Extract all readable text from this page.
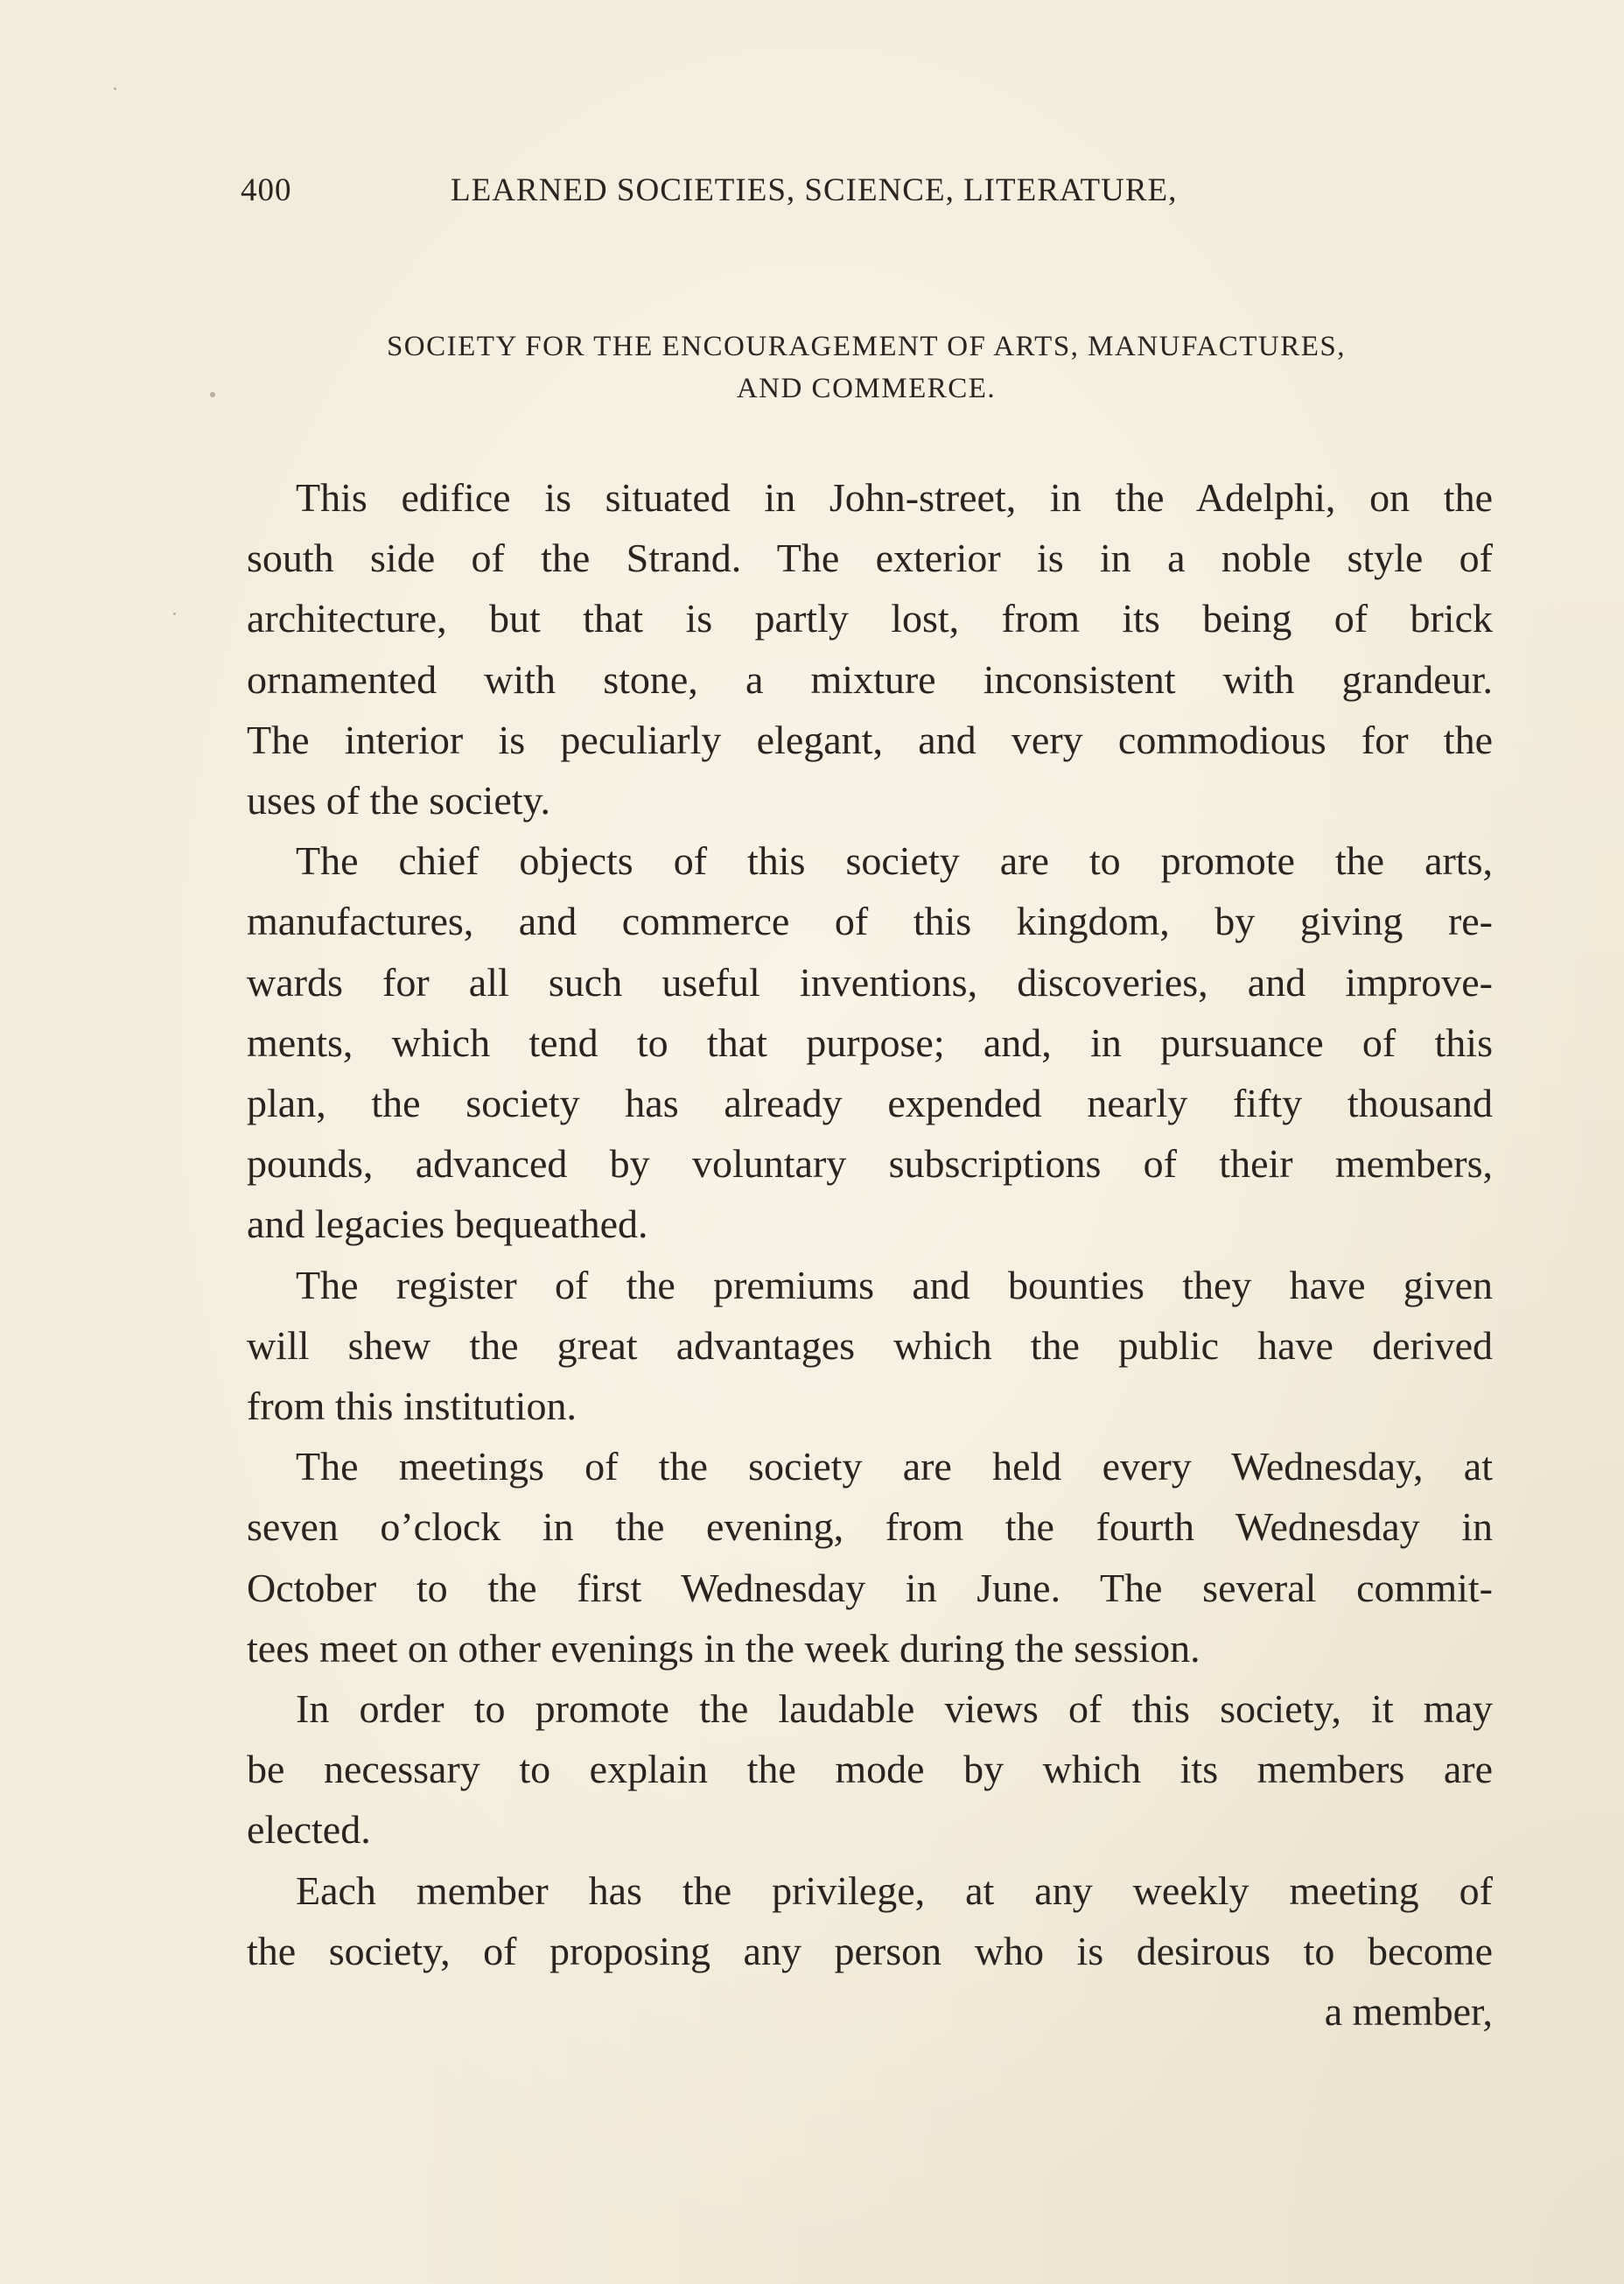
400	LEARNED SOCIETIES, SCIENCE, LITERATURE,
SOCIETY FOR THE ENCOURAGEMENT OF ARTS, MANUFACTURES,
AND COMMERCE.
This edifice is situated in John-street, in the Adelphi, on the
south side of the Strand. The exterior is in a noble style of
architecture, but that is partly lost, from its being of brick
ornamented with stone, a mixture inconsistent with grandeur.
The interior is peculiarly elegant, and very commodious for the
uses of the society.
The chief objects of this society are to promote the arts,
manufactures, and commerce of this kingdom, by giving re-
wards for all such useful inventions, discoveries, and improve-
ments, which tend to that purpose; and, in pursuance of this
plan, the society has already expended nearly fifty thousand
pounds, advanced by voluntary subscriptions of their members,
and legacies bequeathed.
The register of the premiums and bounties they have given
will shew the great advantages which the public have derived
from this institution.
The meetings of the society are held every Wednesday, at
seven o’clock in the evening, from the fourth Wednesday in
October to the first Wednesday in June. The several commit-
tees meet on other evenings in the week during the session.
In order to promote the laudable views of this society, it may
be necessary to explain the mode by which its members are
elected.
Each member has the privilege, at any weekly meeting of
the society, of proposing any person who is desirous to become
a member,
